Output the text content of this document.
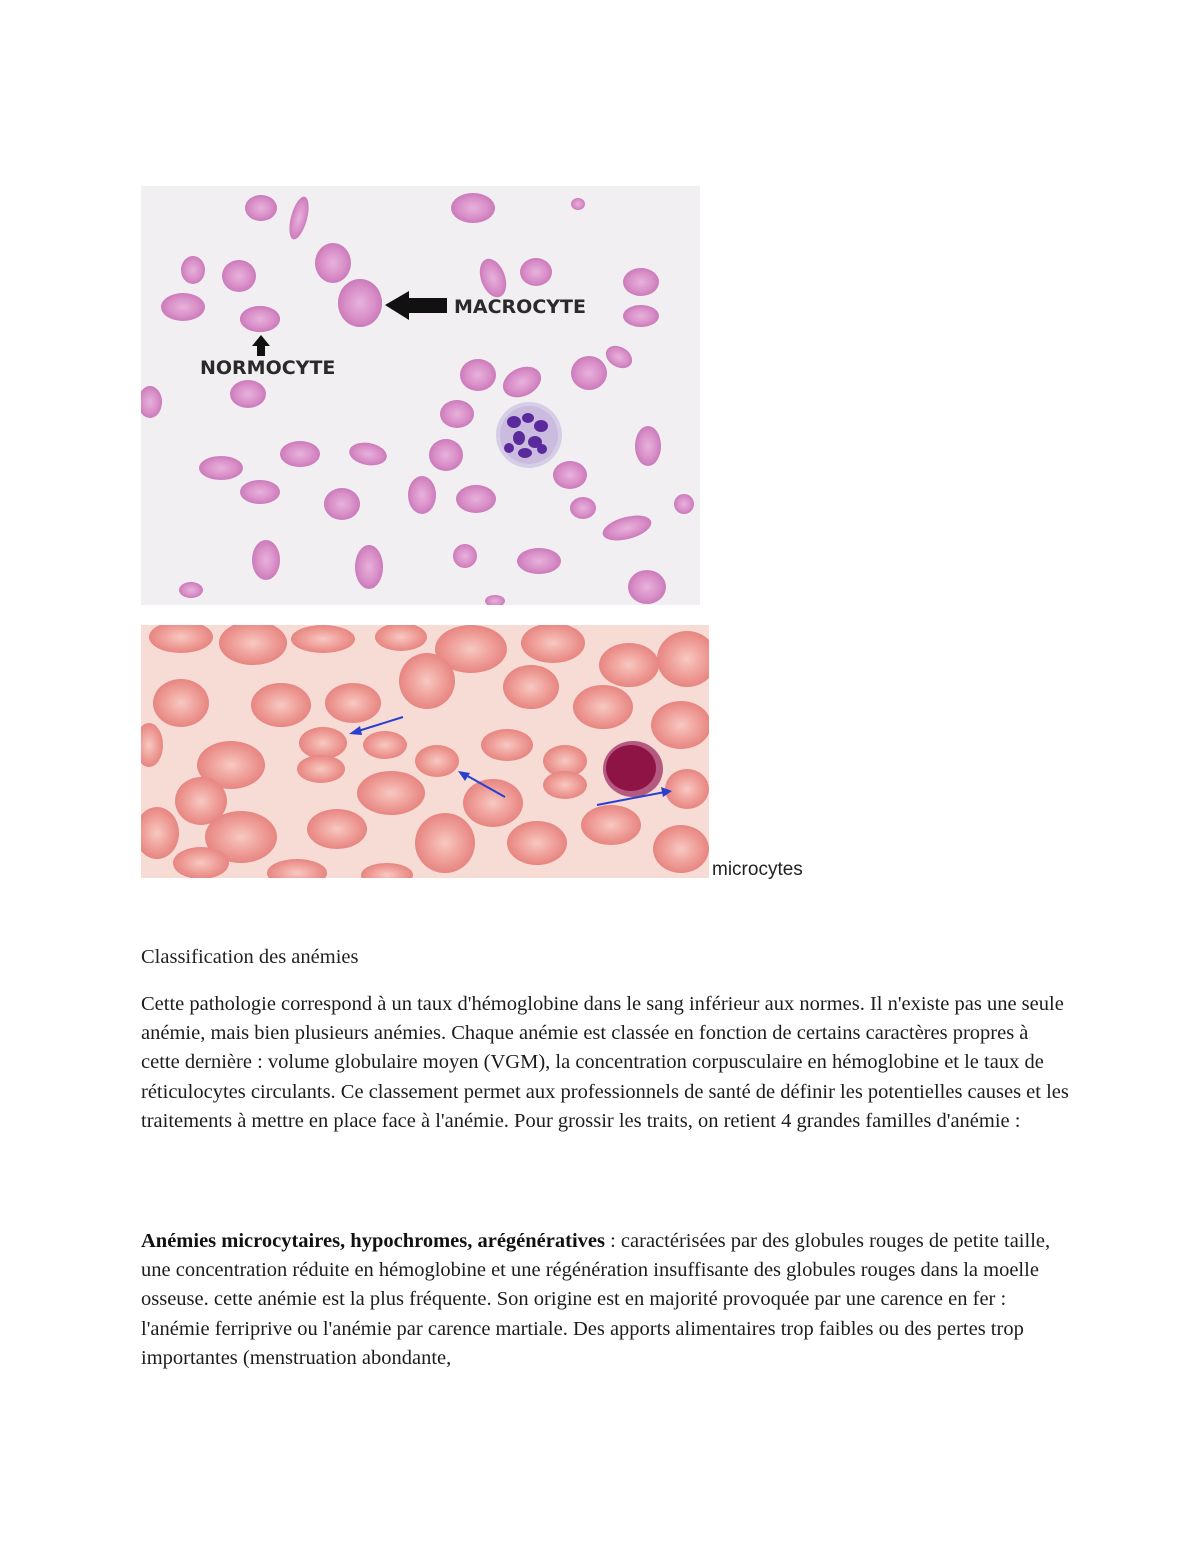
MACROCYTE
NORMOCYTE
microcytes
Classification des anémies
Cette pathologie correspond à un taux d'hémoglobine dans le sang inférieur aux normes. Il n'existe pas une seule anémie, mais bien plusieurs anémies. Chaque anémie est classée en fonction de certains caractères propres à cette dernière : volume globulaire moyen (VGM), la concentration corpusculaire en hémoglobine et le taux de réticulocytes circulants. Ce classement permet aux professionnels de santé de définir les potentielles causes et les traitements à mettre en place face à l'anémie. Pour grossir les traits, on retient 4 grandes familles d'anémie :
Anémies microcytaires, hypochromes, arégénératives : caractérisées par des globules rouges de petite taille, une concentration réduite en hémoglobine et une régénération insuffisante des globules rouges dans la moelle osseuse. cette anémie est la plus fréquente. Son origine est en majorité provoquée par une carence en fer : l'anémie ferriprive ou l'anémie par carence martiale. Des apports alimentaires trop faibles ou des pertes trop importantes (menstruation abondante,
